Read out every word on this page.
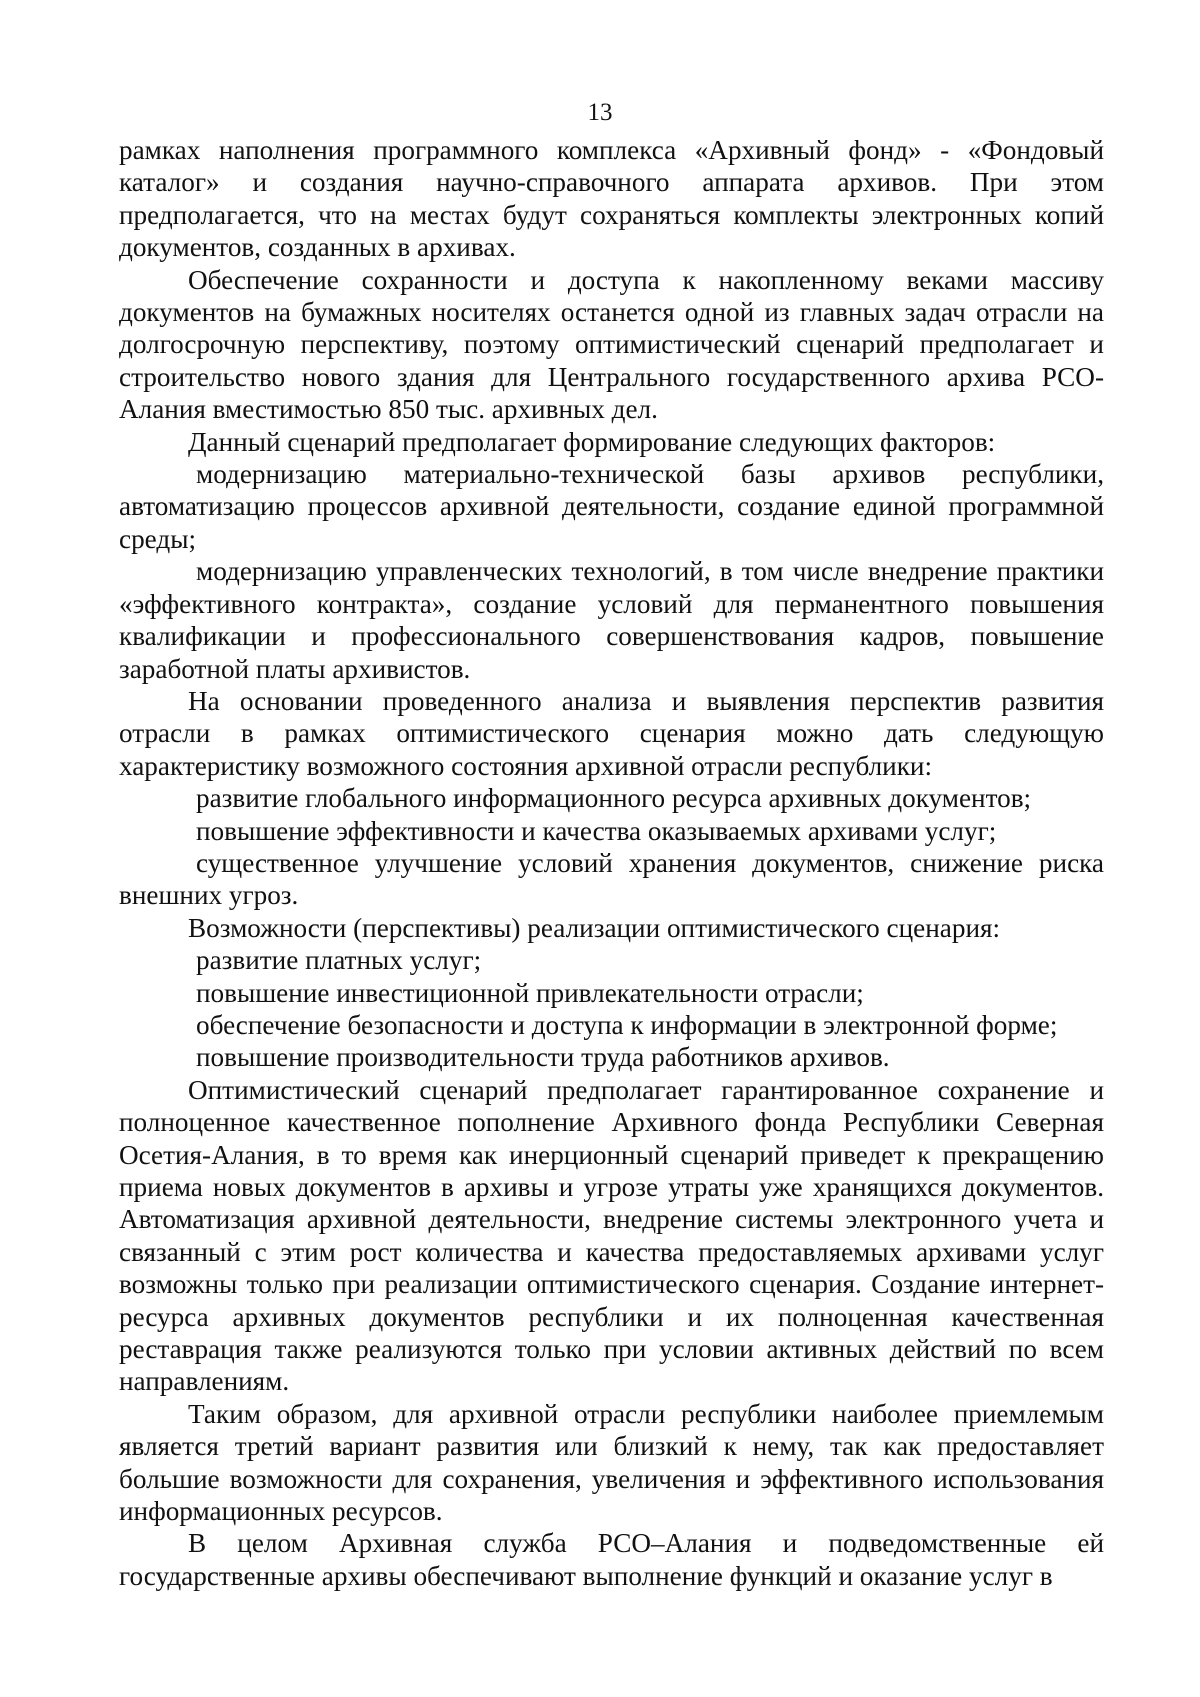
13

рамках наполнения программного комплекса «Архивный фонд» - «Фондовый каталог» и создания научно-справочного аппарата архивов. При этом предполагается, что на местах будут сохраняться комплекты электронных копий документов, созданных в архивах.

Обеспечение сохранности и доступа к накопленному веками массиву документов на бумажных носителях останется одной из главных задач отрасли на долгосрочную перспективу, поэтому оптимистический сценарий предполагает и строительство нового здания для Центрального государственного архива РСО-Алания вместимостью 850 тыс. архивных дел.

Данный сценарий предполагает формирование следующих факторов:

модернизацию материально-технической базы архивов республики, автоматизацию процессов архивной деятельности, создание единой программной среды;

модернизацию управленческих технологий, в том числе внедрение практики «эффективного контракта», создание условий для перманентного повышения квалификации и профессионального совершенствования кадров, повышение заработной платы архивистов.

На основании проведенного анализа и выявления перспектив развития отрасли в рамках оптимистического сценария можно дать следующую характеристику возможного состояния архивной отрасли республики:

развитие глобального информационного ресурса архивных документов;

повышение эффективности и качества оказываемых архивами услуг;

существенное улучшение условий хранения документов, снижение риска внешних угроз.

Возможности (перспективы) реализации оптимистического сценария:

развитие платных услуг;

повышение инвестиционной привлекательности отрасли;

обеспечение безопасности и доступа к информации в электронной форме;

повышение производительности труда работников архивов.

Оптимистический сценарий предполагает гарантированное сохранение и полноценное качественное пополнение Архивного фонда Республики Северная Осетия-Алания, в то время как инерционный сценарий приведет к прекращению приема новых документов в архивы и угрозе утраты уже хранящихся документов. Автоматизация архивной деятельности, внедрение системы электронного учета и связанный с этим рост количества и качества предоставляемых архивами услуг возможны только при реализации оптимистического сценария. Создание интернет-ресурса архивных документов республики и их полноценная качественная реставрация также реализуются только при условии активных действий по всем направлениям.

Таким образом, для архивной отрасли республики наиболее приемлемым является третий вариант развития или близкий к нему, так как предоставляет большие возможности для сохранения, увеличения и эффективного использования информационных ресурсов.

В целом Архивная служба РСО–Алания и подведомственные ей государственные архивы обеспечивают выполнение функций и оказание услуг в
